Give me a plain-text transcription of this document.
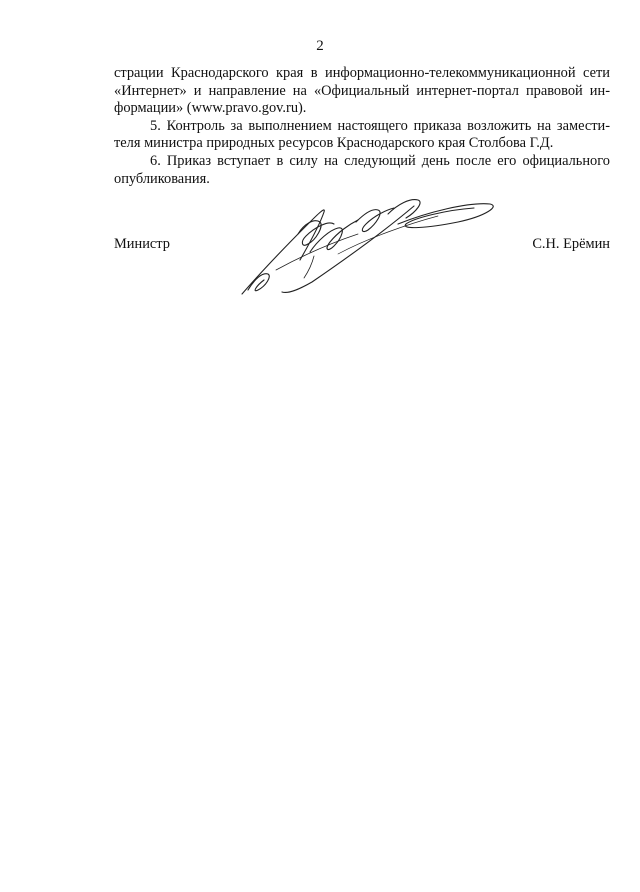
2

страции Краснодарского края в информационно-телекоммуникационной сети
«Интернет» и направление на «Официальный интернет-портал правовой ин-
формации» (www.pravo.gov.ru).

5. Контроль за выполнением настоящего приказа возложить на замести-
теля министра природных ресурсов Краснодарского края Столбова Г.Д.

6. Приказ вступает в силу на следующий день после его официального
опубликования.

Министр	С.Н. Ерёмин
